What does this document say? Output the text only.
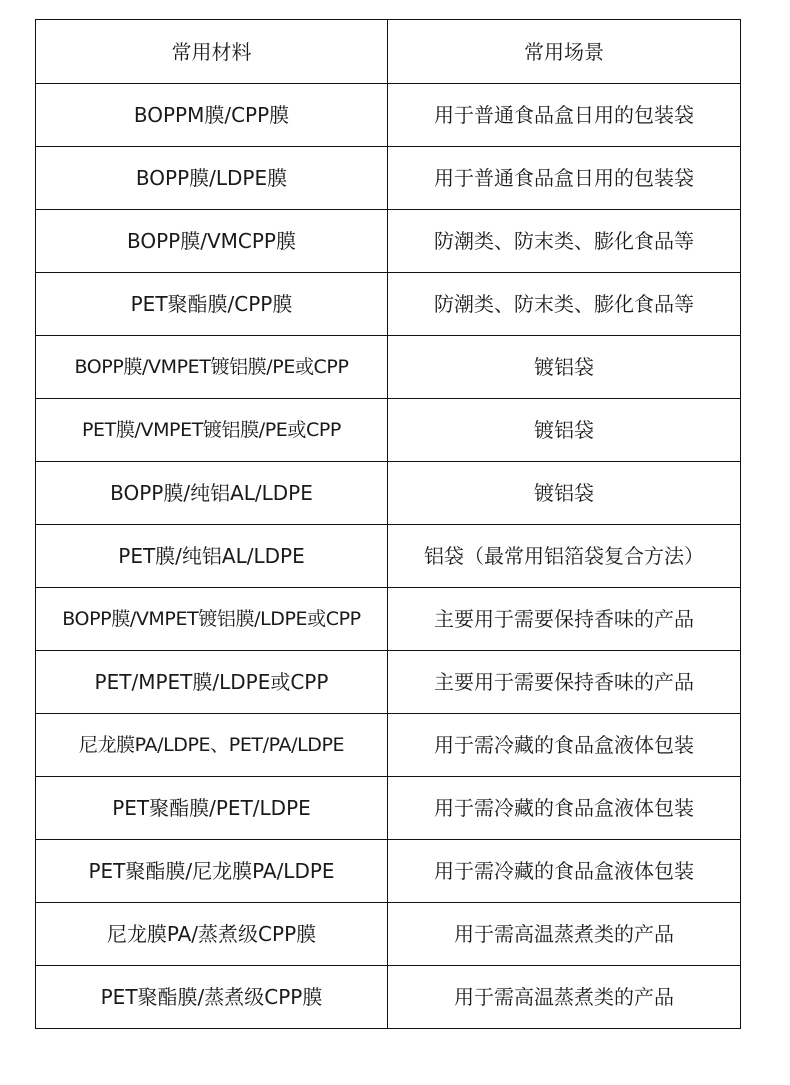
常用材料	常用场景
BOPPM膜/CPP膜	用于普通食品盒日用的包装袋
BOPP膜/LDPE膜	用于普通食品盒日用的包装袋
BOPP膜/VMCPP膜	防潮类、防末类、膨化食品等
PET聚酯膜/CPP膜	防潮类、防末类、膨化食品等
BOPP膜/VMPET镀铝膜/PE或CPP	镀铝袋
PET膜/VMPET镀铝膜/PE或CPP	镀铝袋
BOPP膜/纯铝AL/LDPE	镀铝袋
PET膜/纯铝AL/LDPE	铝袋（最常用铝箔袋复合方法）
BOPP膜/VMPET镀铝膜/LDPE或CPP	主要用于需要保持香味的产品
PET/MPET膜/LDPE或CPP	主要用于需要保持香味的产品
尼龙膜PA/LDPE、PET/PA/LDPE	用于需冷藏的食品盒液体包装
PET聚酯膜/PET/LDPE	用于需冷藏的食品盒液体包装
PET聚酯膜/尼龙膜PA/LDPE	用于需冷藏的食品盒液体包装
尼龙膜PA/蒸煮级CPP膜	用于需高温蒸煮类的产品
PET聚酯膜/蒸煮级CPP膜	用于需高温蒸煮类的产品
